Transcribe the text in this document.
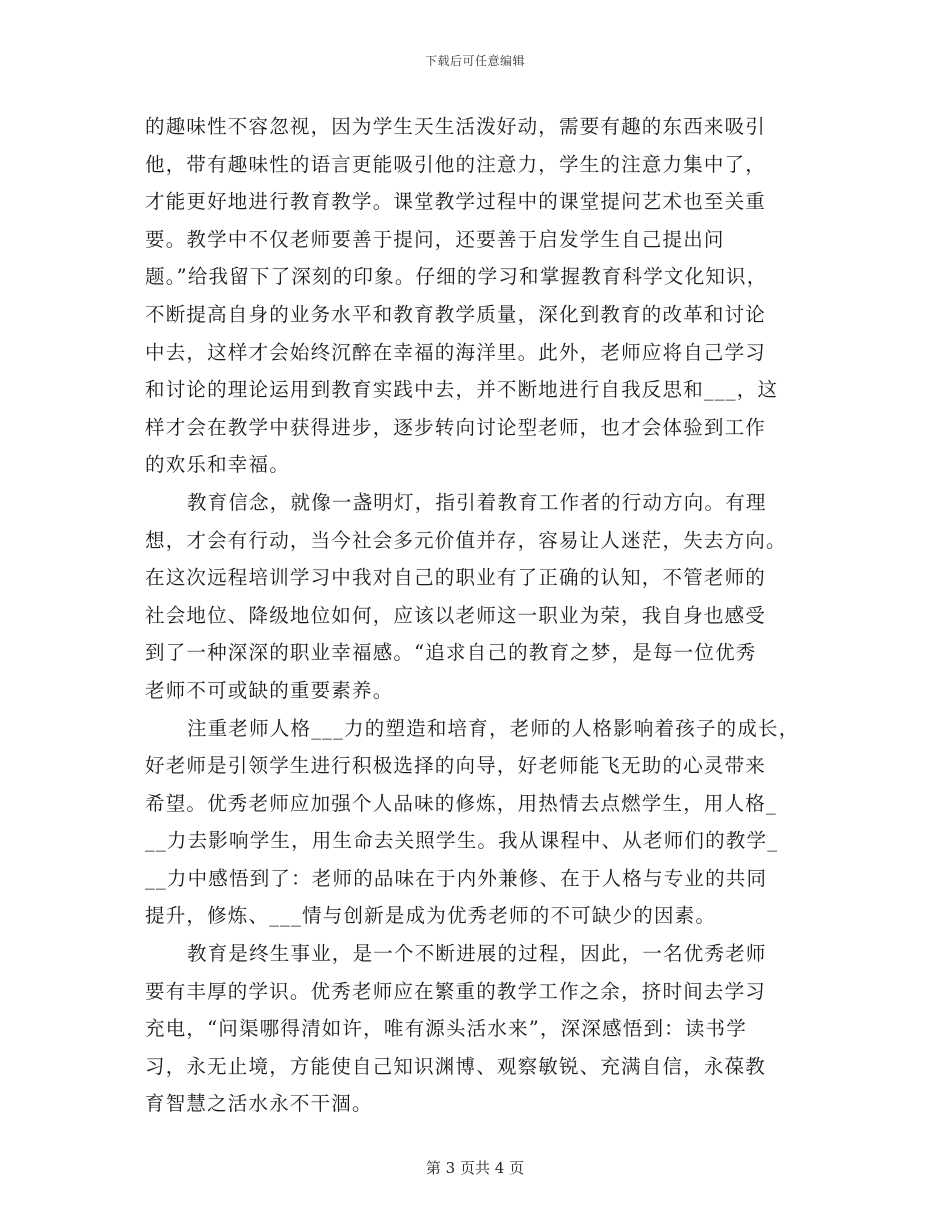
下载后可任意编辑
的趣味性不容忽视，因为学生天生活泼好动，需要有趣的东西来吸引
他，带有趣味性的语言更能吸引他的注意力，学生的注意力集中了，
才能更好地进行教育教学。课堂教学过程中的课堂提问艺术也至关重
要。教学中不仅老师要善于提问，还要善于启发学生自己提出问
题。”给我留下了深刻的印象。仔细的学习和掌握教育科学文化知识，
不断提高自身的业务水平和教育教学质量，深化到教育的改革和讨论
中去，这样才会始终沉醉在幸福的海洋里。此外，老师应将自己学习
和讨论的理论运用到教育实践中去，并不断地进行自我反思和___，这
样才会在教学中获得进步，逐步转向讨论型老师，也才会体验到工作
的欢乐和幸福。
教育信念，就像一盏明灯，指引着教育工作者的行动方向。有理
想，才会有行动，当今社会多元价值并存，容易让人迷茫，失去方向。
在这次远程培训学习中我对自己的职业有了正确的认知，不管老师的
社会地位、降级地位如何，应该以老师这一职业为荣，我自身也感受
到了一种深深的职业幸福感。“追求自己的教育之梦，是每一位优秀
老师不可或缺的重要素养。
注重老师人格___力的塑造和培育，老师的人格影响着孩子的成长，
好老师是引领学生进行积极选择的向导，好老师能飞无助的心灵带来
希望。优秀老师应加强个人品味的修炼，用热情去点燃学生，用人格_
__力去影响学生，用生命去关照学生。我从课程中、从老师们的教学_
__力中感悟到了：老师的品味在于内外兼修、在于人格与专业的共同
提升，修炼、___情与创新是成为优秀老师的不可缺少的因素。
教育是终生事业，是一个不断进展的过程，因此，一名优秀老师
要有丰厚的学识。优秀老师应在繁重的教学工作之余，挤时间去学习
充电，“问渠哪得清如许，唯有源头活水来”，深深感悟到：读书学
习，永无止境，方能使自己知识渊博、观察敏锐、充满自信，永葆教
育智慧之活水永不干涸。
第 3 页共 4 页
